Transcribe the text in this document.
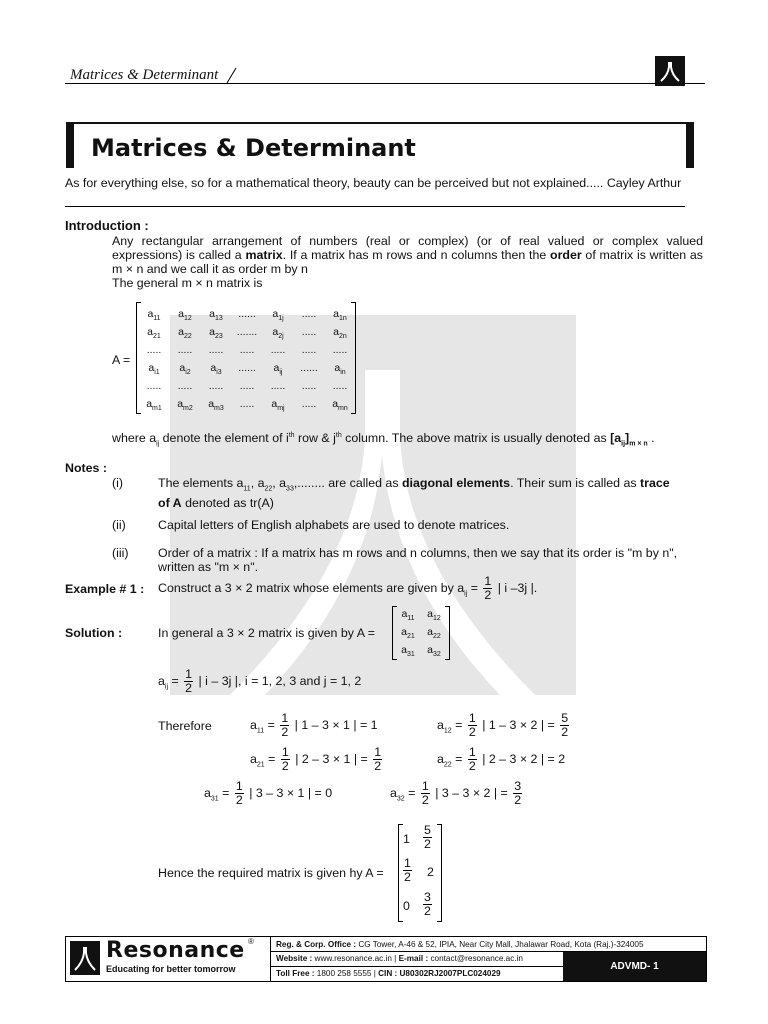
Matrices & Determinant
Matrices & Determinant
As for everything else, so for a mathematical theory, beauty can be perceived but not explained..... Cayley Arthur
Introduction :
Any rectangular arrangement of numbers (real or complex) (or of real valued or complex valued expressions) is called a matrix. If a matrix has m rows and n columns then the order of matrix is written as m × n and we call it as order m by n
The general m × n matrix is
A =
$a_{11}$	$a_{12}$	$a_{13}$	......	$a_{1j}$	.....	$a_{1n}$
$a_{21}$	$a_{22}$	$a_{23}$	.......	$a_{2j}$	.....	$a_{2n}$
.....	.....	.....	.....	.....	.....	.....
$a_{i1}$	$a_{i2}$	$a_{i3}$	......	$a_{ij}$	......	$a_{in}$
.....	.....	.....	.....	.....	.....	.....
$a_{m1}$	$a_{m2}$	$a_{m3}$	.....	$a_{mj}$	.....	$a_{mn}$
where $a_{ij}$ denote the element of $i^{th}$ row & $j^{th}$ column. The above matrix is usually denoted as $[a_{ij}]_{m \times n}$ .
Notes :
(i)	The elements $a_{11}$, $a_{22}$, $a_{33}$,........ are called as diagonal elements. Their sum is called as trace
of A denoted as tr(A)
(ii)	Capital letters of English alphabets are used to denote matrices.
(iii) Order of a matrix : If a matrix has m rows and n columns, then we say that its order is "m by n",
written as "m × n".
Example # 1 : Construct a 3 × 2 matrix whose elements are given by $a_{ij} = \frac{1}{2}$ | i –3j |.
Solution :	In general a 3 × 2 matrix is given by A =
$a_{11}$	$a_{12}$
$a_{21}$	$a_{22}$
$a_{31}$	$a_{32}$
$a_{ij} = \frac{1}{2}$ | i – 3j |, i = 1, 2, 3 and j = 1, 2
Therefore	$a_{11} = \frac{1}{2}$ | 1 – 3 × 1 | = 1	$a_{12} = \frac{1}{2}$ | 1 – 3 × 2 | = $\frac{5}{2}$
$a_{21} = \frac{1}{2}$ | 2 – 3 × 1 | = $\frac{1}{2}$	$a_{22} = \frac{1}{2}$ | 2 – 3 × 2 | = 2
$a_{31} = \frac{1}{2}$ | 3 – 3 × 1 | = 0	$a_{32} = \frac{1}{2}$ | 3 – 3 × 2 | = $\frac{3}{2}$
Hence the required matrix is given hy A =
$1 \frac{5}{2}$
$\frac{1}{2} 2$
$0 \frac{3}{2}$
Resonance ®
Educating for better tomorrow
Reg. & Corp. Office : CG Tower, A-46 & 52, IPIA, Near City Mall, Jhalawar Road, Kota (Raj.)-324005
Website : www.resonance.ac.in | E-mail : contact@resonance.ac.in
Toll Free : 1800 258 5555 | CIN : U80302RJ2007PLC024029
ADVMD- 1
